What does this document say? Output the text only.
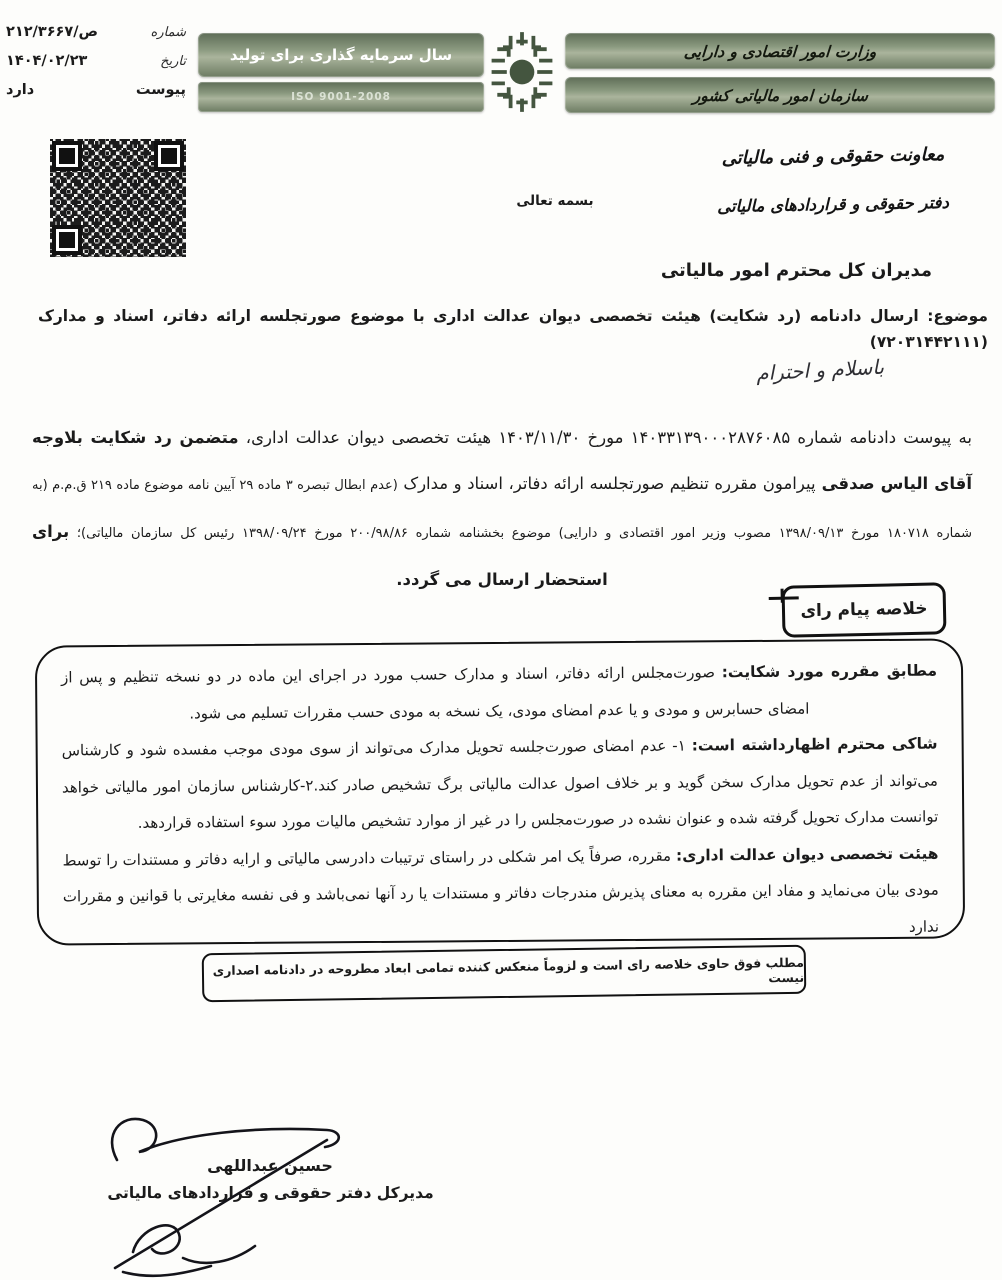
شماره
۲۱۲/۳۶۶۷/ص
تاریخ
۱۴۰۴/۰۲/۲۳
پیوست
دارد
سال سرمایه گذاری برای تولید
ISO 9001-2008
وزارت امور اقتصادی و دارایی
سازمان امور مالیاتی کشور
معاونت حقوقی و فنی مالیاتی
دفتر حقوقی و قراردادهای مالیاتی
بسمه تعالی
مدیران کل محترم امور مالیاتی
موضوع: ارسال دادنامه (رد شکایت) هیئت تخصصی دیوان عدالت اداری با موضوع صورتجلسه ارائه دفاتر، اسناد و مدارک (۷۲۰۳۱۴۴۲۱۱۱)
باسلام و احترام

به پیوست دادنامه شماره ۱۴۰۳۳۱۳۹۰۰۰۲۸۷۶۰۸۵ مورخ ۱۴۰۳/۱۱/۳۰ هیئت تخصصی دیوان عدالت اداری، متضمن رد شکایت بلاوجه آقای الیاس صدقی پیرامون مقرره تنظیم صورتجلسه ارائه دفاتر، اسناد و مدارک (عدم ابطال تبصره ۳ ماده ۲۹ آیین نامه موضوع ماده ۲۱۹ ق.م.م (به شماره ۱۸۰۷۱۸ مورخ ۱۳۹۸/۰۹/۱۳ مصوب وزیر امور اقتصادی و دارایی) موضوع بخشنامه شماره ۲۰۰/۹۸/۸۶ مورخ ۱۳۹۸/۰۹/۲۴ رئیس کل سازمان مالیاتی)؛ برای استحضار ارسال می گردد.

خلاصه پیام رای

مطابق مقرره مورد شکایت: صورت‌مجلس ارائه دفاتر، اسناد و مدارک حسب مورد در اجرای این ماده در دو نسخه تنظیم و پس از امضای حسابرس و مودی و یا عدم امضای مودی، یک نسخه به مودی حسب مقررات تسلیم می شود.

شاکی محترم اظهارداشته است: ۱- عدم امضای صورت‌جلسه تحویل مدارک می‌تواند از سوی مودی موجب مفسده شود و کارشناس می‌تواند از عدم تحویل مدارک سخن گوید و بر خلاف اصول عدالت مالیاتی برگ تشخیص صادر کند.۲-کارشناس سازمان امور مالیاتی خواهد توانست مدارک تحویل گرفته شده و عنوان نشده در صورت‌مجلس را در غیر از موارد تشخیص مالیات مورد سوء استفاده قراردهد.

هیئت تخصصی دیوان عدالت اداری: مقرره، صرفاً یک امر شکلی در راستای ترتیبات دادرسی مالیاتی و ارایه دفاتر و مستندات را توسط مودی بیان می‌نماید و مفاد این مقرره به معنای پذیرش مندرجات دفاتر و مستندات یا رد آنها نمی‌باشد و فی نفسه مغایرتی با قوانین و مقررات ندارد

مطلب فوق حاوی خلاصه رای است و لزوماً منعکس کننده تمامی ابعاد مطروحه در دادنامه اصداری نیست
حسین عبداللهی
مدیرکل دفتر حقوقی و قراردادهای مالیاتی
